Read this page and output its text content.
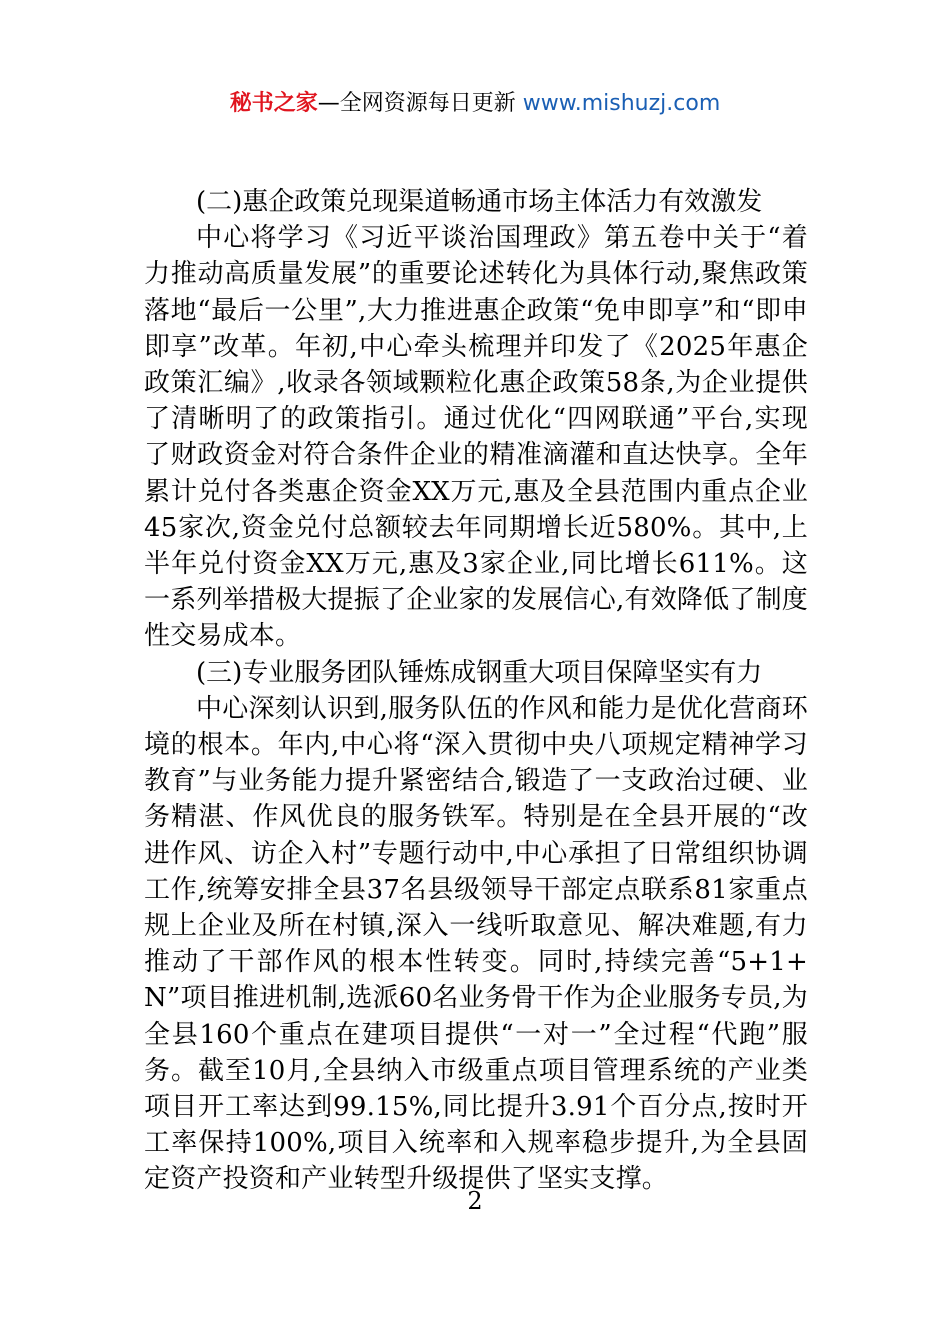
秘书之家—全网资源每日更新 www.mishuzj.com

(二)惠企政策兑现渠道畅通市场主体活力有效激发

中心将学习《习近平谈治国理政》第五卷中关于“着力推动高质量发展”的重要论述转化为具体行动,聚焦政策落地“最后一公里”,大力推进惠企政策“免申即享”和“即申即享”改革。年初,中心牵头梳理并印发了《2025年惠企政策汇编》,收录各领域颗粒化惠企政策58条,为企业提供了清晰明了的政策指引。通过优化“四网联通”平台,实现了财政资金对符合条件企业的精准滴灌和直达快享。全年累计兑付各类惠企资金XX万元,惠及全县范围内重点企业45家次,资金兑付总额较去年同期增长近580%。其中,上半年兑付资金XX万元,惠及3家企业,同比增长611%。这一系列举措极大提振了企业家的发展信心,有效降低了制度性交易成本。

(三)专业服务团队锤炼成钢重大项目保障坚实有力

中心深刻认识到,服务队伍的作风和能力是优化营商环境的根本。年内,中心将“深入贯彻中央八项规定精神学习教育”与业务能力提升紧密结合,锻造了一支政治过硬、业务精湛、作风优良的服务铁军。特别是在全县开展的“改进作风、访企入村”专题行动中,中心承担了日常组织协调工作,统筹安排全县37名县级领导干部定点联系81家重点规上企业及所在村镇,深入一线听取意见、解决难题,有力推动了干部作风的根本性转变。同时,持续完善“5+1+N”项目推进机制,选派60名业务骨干作为企业服务专员,为全县160个重点在建项目提供“一对一”全过程“代跑”服务。截至10月,全县纳入市级重点项目管理系统的产业类项目开工率达到99.15%,同比提升3.91个百分点,按时开工率保持100%,项目入统率和入规率稳步提升,为全县固定资产投资和产业转型升级提供了坚实支撑。

2
